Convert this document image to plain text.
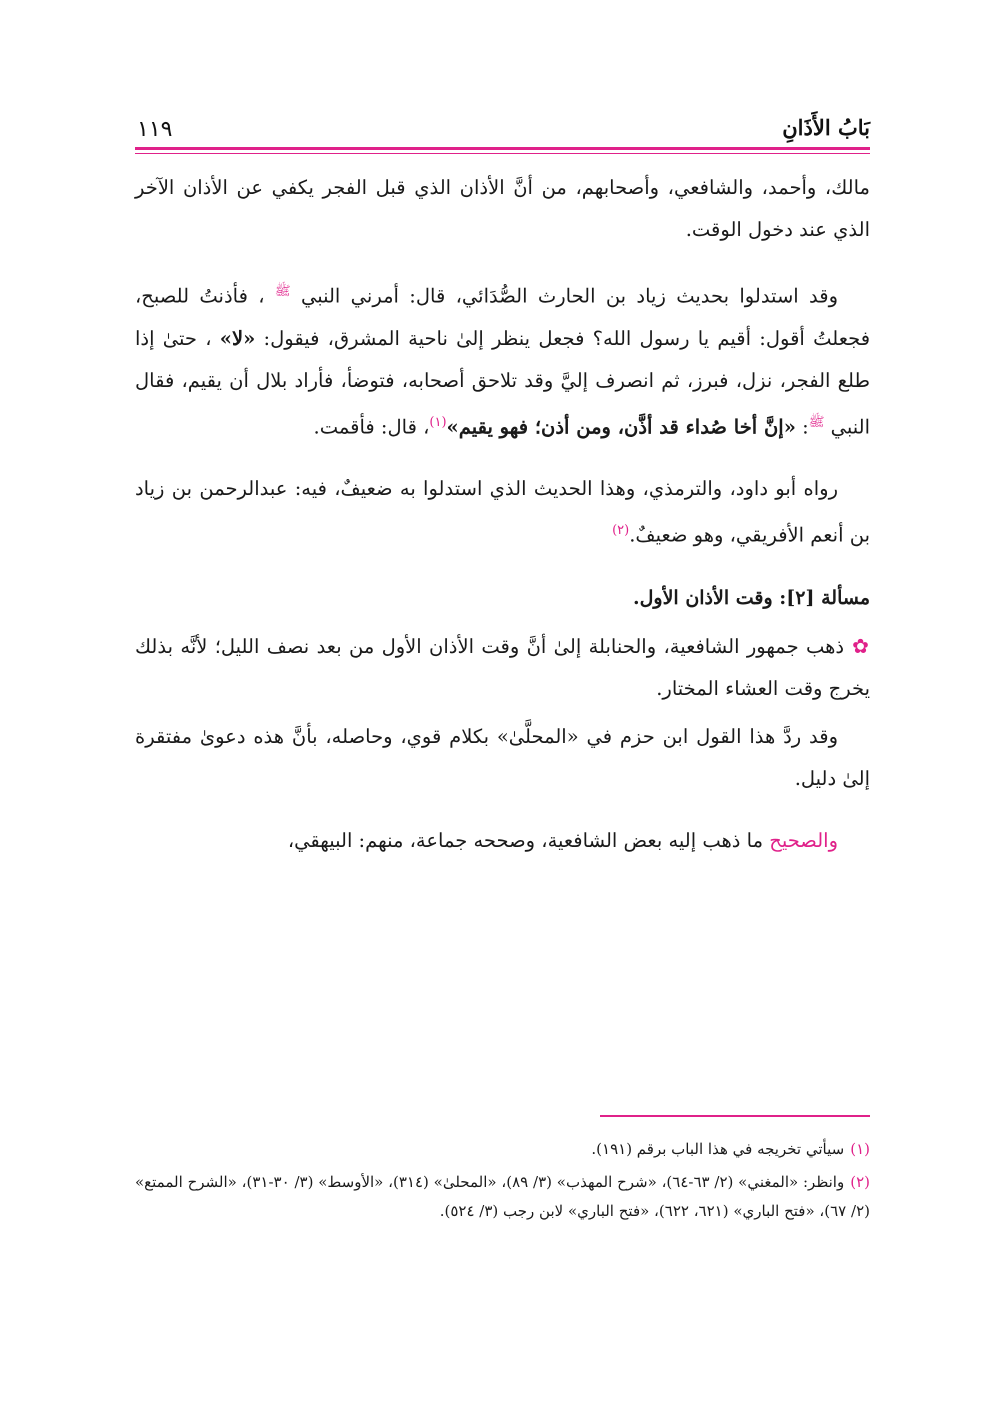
بَابُ الأَذَانِ
١١٩

مالك، وأحمد، والشافعي، وأصحابهم، من أنَّ الأذان الذي قبل الفجر يكفي عن الأذان الآخر الذي عند دخول الوقت.

وقد استدلوا بحديث زياد بن الحارث الصُّدَائي، قال: أمرني النبي $^ﷺ$ ، فأذنتُ للصبح، فجعلتُ أقول: أقيم يا رسول الله؟ فجعل ينظر إلىٰ ناحية المشرق، فيقول: «لا» ، حتىٰ إذا طلع الفجر، نزل، فبرز، ثم انصرف إليَّ وقد تلاحق أصحابه، فتوضأ، فأراد بلال أن يقيم، فقال النبي $^ﷺ$: «إنَّ أخا صُداء قد أذَّن، ومن أذن؛ فهو يقيم»$^{(١)}$، قال: فأقمت.

رواه أبو داود، والترمذي، وهذا الحديث الذي استدلوا به ضعيفٌ، فيه: عبدالرحمن بن زياد بن أنعم الأفريقي، وهو ضعيفٌ.$^{(٢)}$

مسألة [٢]: وقت الأذان الأول.

✿ذهب جمهور الشافعية، والحنابلة إلىٰ أنَّ وقت الأذان الأول من بعد نصف الليل؛ لأنَّه بذلك يخرج وقت العشاء المختار.

وقد ردَّ هذا القول ابن حزم في «المحلَّىٰ» بكلام قوي، وحاصله، بأنَّ هذه دعوىٰ مفتقرة إلىٰ دليل.

والصحيح ما ذهب إليه بعض الشافعية، وصححه جماعة، منهم: البيهقي،

(١)سيأتي تخريجه في هذا الباب برقم (١٩١).

(٢)وانظر: «المغني» (٢/ ٦٣-٦٤)، «شرح المهذب» (٣/ ٨٩)، «المحلىٰ» (٣١٤)، «الأوسط» (٣/ ٣٠-٣١)، «الشرح الممتع» (٢/ ٦٧)، «فتح الباري» (٦٢١، ٦٢٢)، «فتح الباري» لابن رجب (٣/ ٥٢٤).
